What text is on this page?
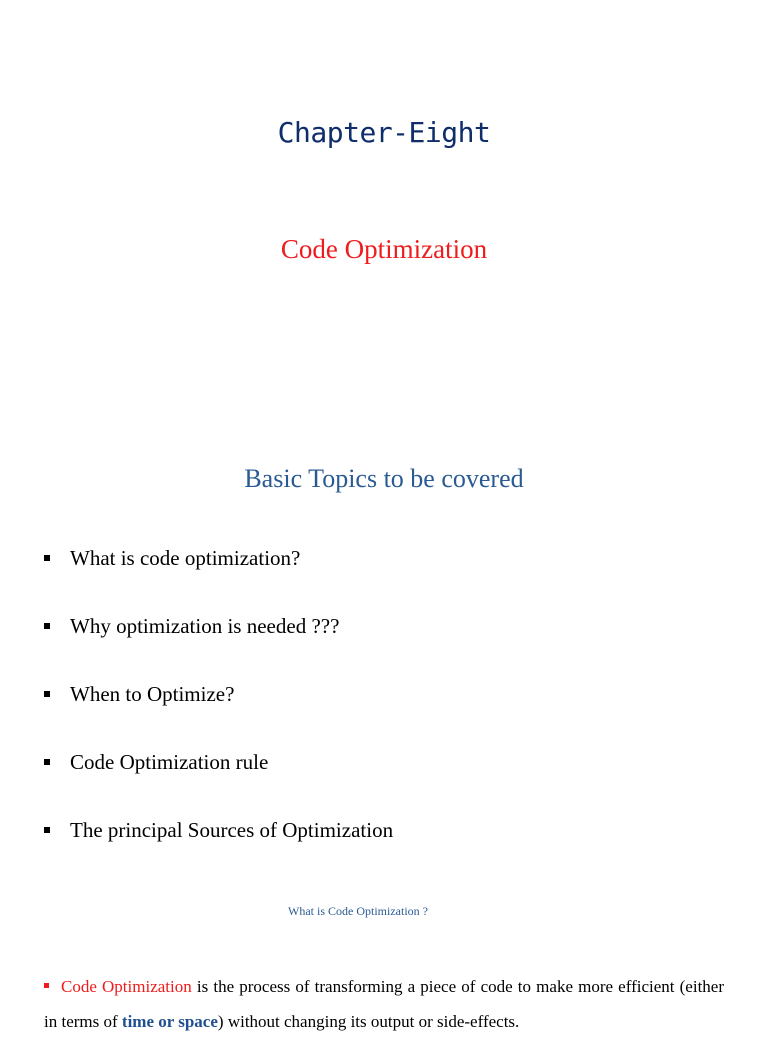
Chapter-Eight
Code Optimization
Basic Topics to be covered
What is code optimization?
Why optimization is needed ???
When to Optimize?
Code Optimization rule
The principal Sources of Optimization
What is Code Optimization ?
Code Optimization is the process of transforming a piece of code to make more efficient (either in terms of time or space) without changing its output or side-effects.
